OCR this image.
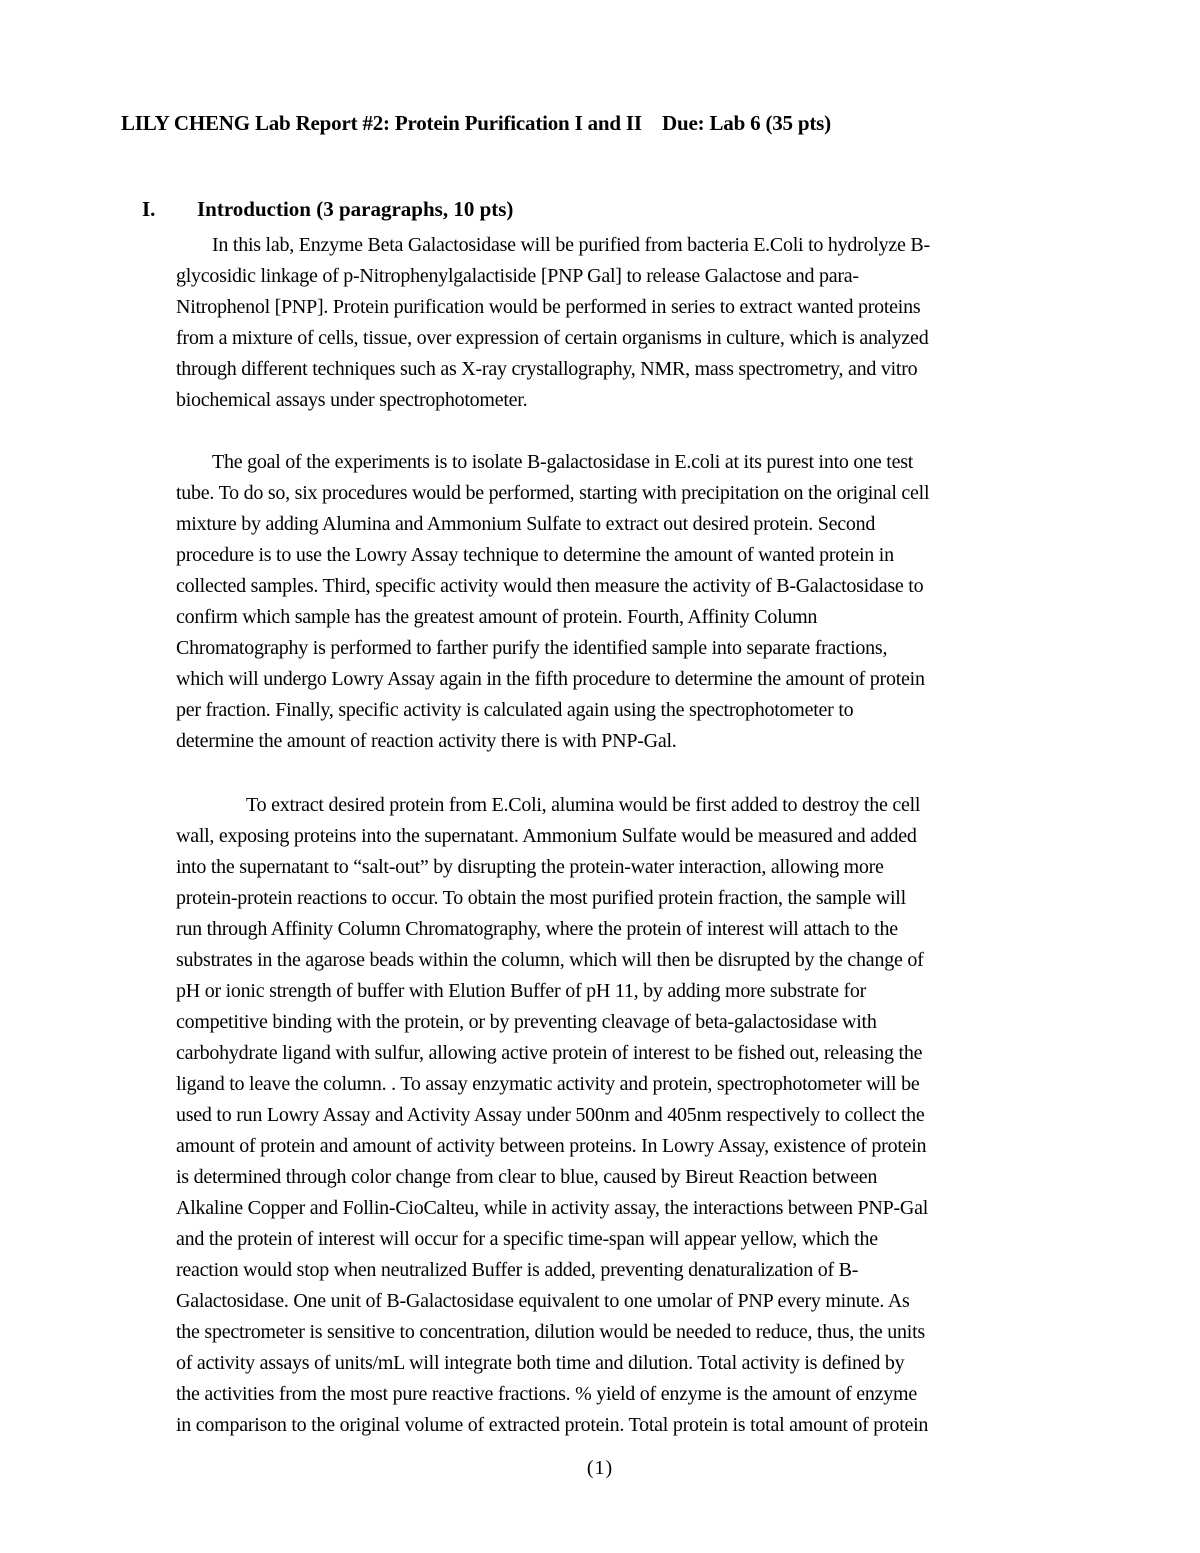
LILY CHENG Lab Report #2: Protein Purification I and II    Due: Lab 6 (35 pts)

I. Introduction (3 paragraphs, 10 pts)

In this lab, Enzyme Beta Galactosidase will be purified from bacteria E.Coli to hydrolyze B-
glycosidic linkage of p-Nitrophenylgalactiside [PNP Gal] to release Galactose and para-
Nitrophenol [PNP]. Protein purification would be performed in series to extract wanted proteins
from a mixture of cells, tissue, over expression of certain organisms in culture, which is analyzed
through different techniques such as X-ray crystallography, NMR, mass spectrometry, and vitro
biochemical assays under spectrophotometer.
The goal of the experiments is to isolate B-galactosidase in E.coli at its purest into one test
tube. To do so, six procedures would be performed, starting with precipitation on the original cell
mixture by adding Alumina and Ammonium Sulfate to extract out desired protein. Second
procedure is to use the Lowry Assay technique to determine the amount of wanted protein in
collected samples. Third, specific activity would then measure the activity of B-Galactosidase to
confirm which sample has the greatest amount of protein. Fourth, Affinity Column
Chromatography is performed to farther purify the identified sample into separate fractions,
which will undergo Lowry Assay again in the fifth procedure to determine the amount of protein
per fraction. Finally, specific activity is calculated again using the spectrophotometer to
determine the amount of reaction activity there is with PNP-Gal.
To extract desired protein from E.Coli, alumina would be first added to destroy the cell
wall, exposing proteins into the supernatant. Ammonium Sulfate would be measured and added
into the supernatant to “salt-out” by disrupting the protein-water interaction, allowing more
protein-protein reactions to occur. To obtain the most purified protein fraction, the sample will
run through Affinity Column Chromatography, where the protein of interest will attach to the
substrates in the agarose beads within the column, which will then be disrupted by the change of
pH or ionic strength of buffer with Elution Buffer of pH 11, by adding more substrate for
competitive binding with the protein, or by preventing cleavage of beta-galactosidase with
carbohydrate ligand with sulfur, allowing active protein of interest to be fished out, releasing the
ligand to leave the column. . To assay enzymatic activity and protein, spectrophotometer will be
used to run Lowry Assay and Activity Assay under 500nm and 405nm respectively to collect the
amount of protein and amount of activity between proteins. In Lowry Assay, existence of protein
is determined through color change from clear to blue, caused by Bireut Reaction between
Alkaline Copper and Follin-CioCalteu, while in activity assay, the interactions between PNP-Gal
and the protein of interest will occur for a specific time-span will appear yellow, which the
reaction would stop when neutralized Buffer is added, preventing denaturalization of B-
Galactosidase. One unit of B-Galactosidase equivalent to one umolar of PNP every minute. As
the spectrometer is sensitive to concentration, dilution would be needed to reduce, thus, the units
of activity assays of units/mL will integrate both time and dilution. Total activity is defined by
the activities from the most pure reactive fractions. % yield of enzyme is the amount of enzyme
in comparison to the original volume of extracted protein. Total protein is total amount of protein
(1)
